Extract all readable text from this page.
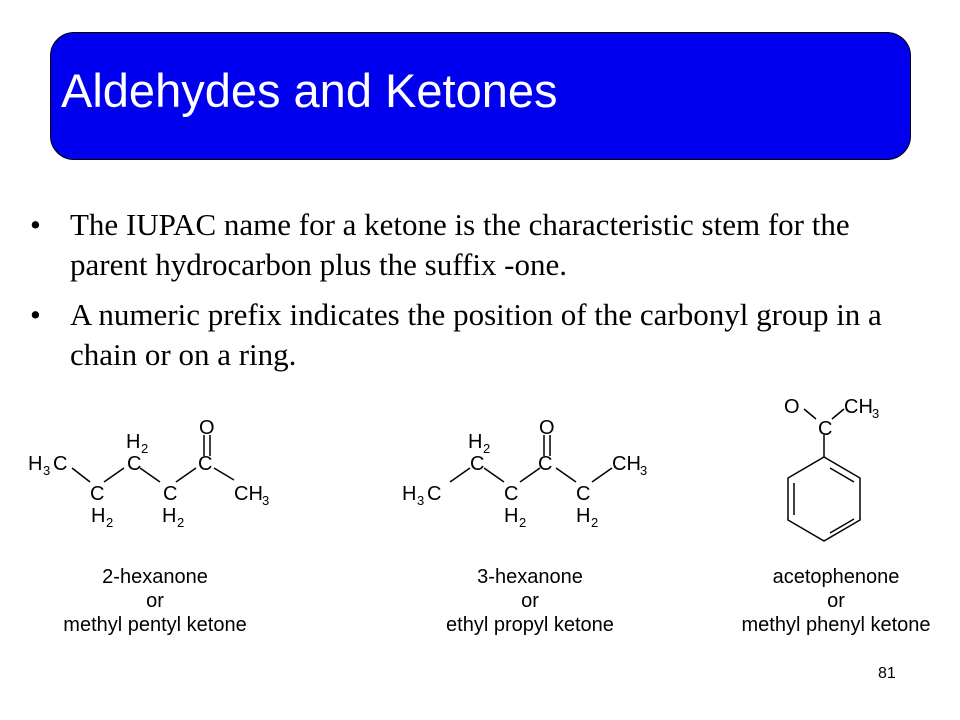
Aldehydes and Ketones
• The IUPAC name for a ketone is the characteristic stem for the parent hydrocarbon plus the suffix -one.
• A numeric prefix indicates the position of the carbonyl group in a chain or on a ring.
H 3 C
C
H 2
H 2
C
C
H 2
C
O
CH 3	H 3 C
H 2
C
C
H 2
C
O
C
H 2
CH 3
O
C
CH 3
2-hexanone
or
methyl pentyl ketone
3-hexanone
or
ethyl propyl ketone
acetophenone
or
methyl phenyl ketone
81
